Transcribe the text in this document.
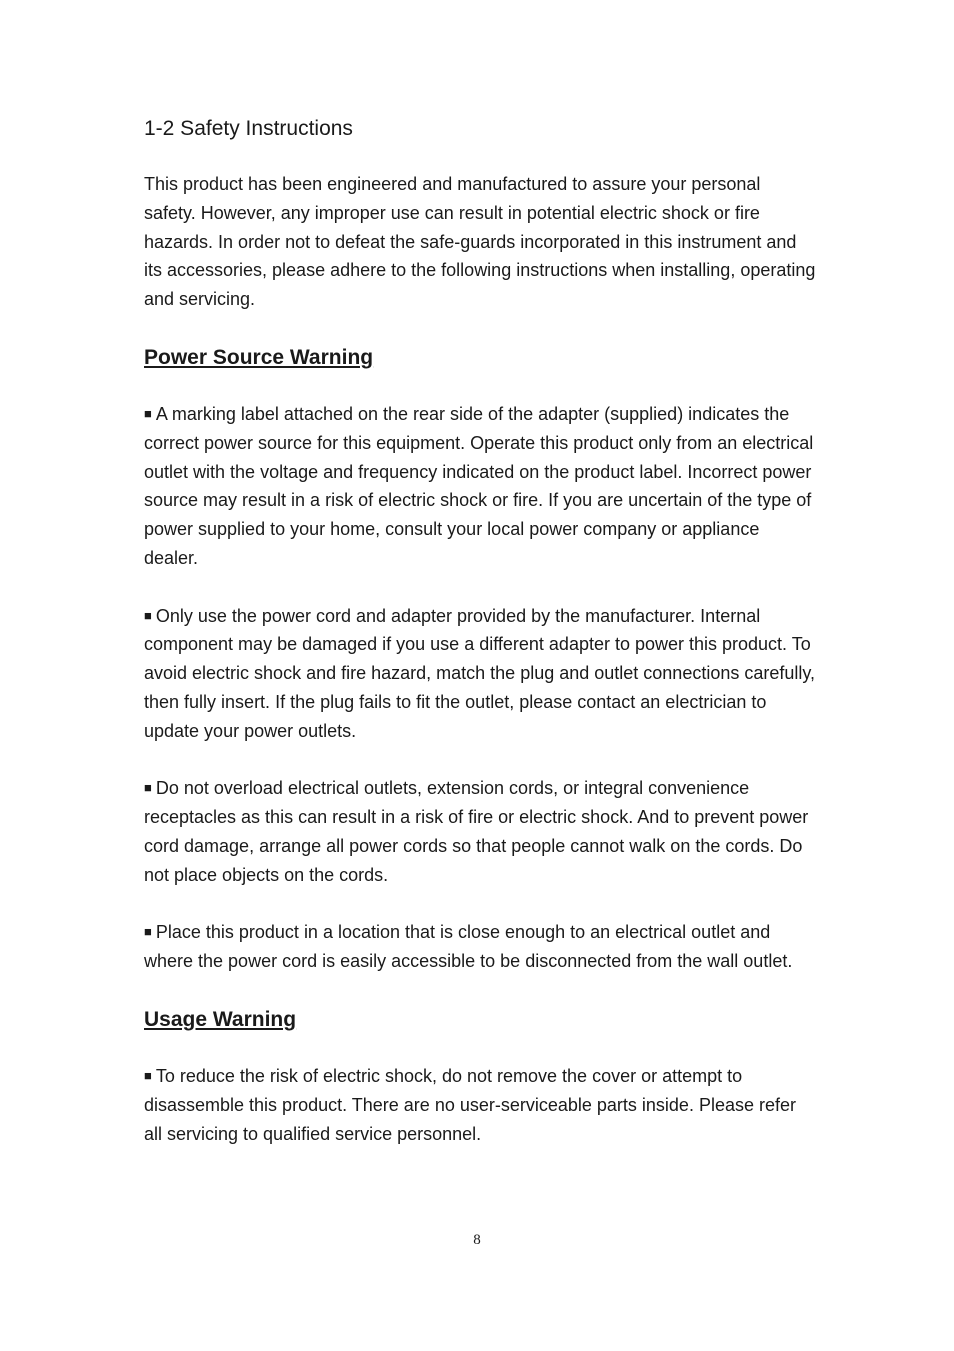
1-2 Safety Instructions

This product has been engineered and manufactured to assure your personal safety. However, any improper use can result in potential electric shock or fire hazards. In order not to defeat the safe-guards incorporated in this instrument and its accessories, please adhere to the following instructions when installing, operating and servicing.

Power Source Warning

■ A marking label attached on the rear side of the adapter (supplied) indicates the correct power source for this equipment. Operate this product only from an electrical outlet with the voltage and frequency indicated on the product label. Incorrect power source may result in a risk of electric shock or fire. If you are uncertain of the type of power supplied to your home, consult your local power company or appliance dealer.

■ Only use the power cord and adapter provided by the manufacturer. Internal component may be damaged if you use a different adapter to power this product. To avoid electric shock and fire hazard, match the plug and outlet connections carefully, then fully insert. If the plug fails to fit the outlet, please contact an electrician to update your power outlets.

■ Do not overload electrical outlets, extension cords, or integral convenience receptacles as this can result in a risk of fire or electric shock. And to prevent power cord damage, arrange all power cords so that people cannot walk on the cords. Do not place objects on the cords.

■ Place this product in a location that is close enough to an electrical outlet and where the power cord is easily accessible to be disconnected from the wall outlet.

Usage Warning

■ To reduce the risk of electric shock, do not remove the cover or attempt to disassemble this product. There are no user-serviceable parts inside. Please refer all servicing to qualified service personnel.

8
